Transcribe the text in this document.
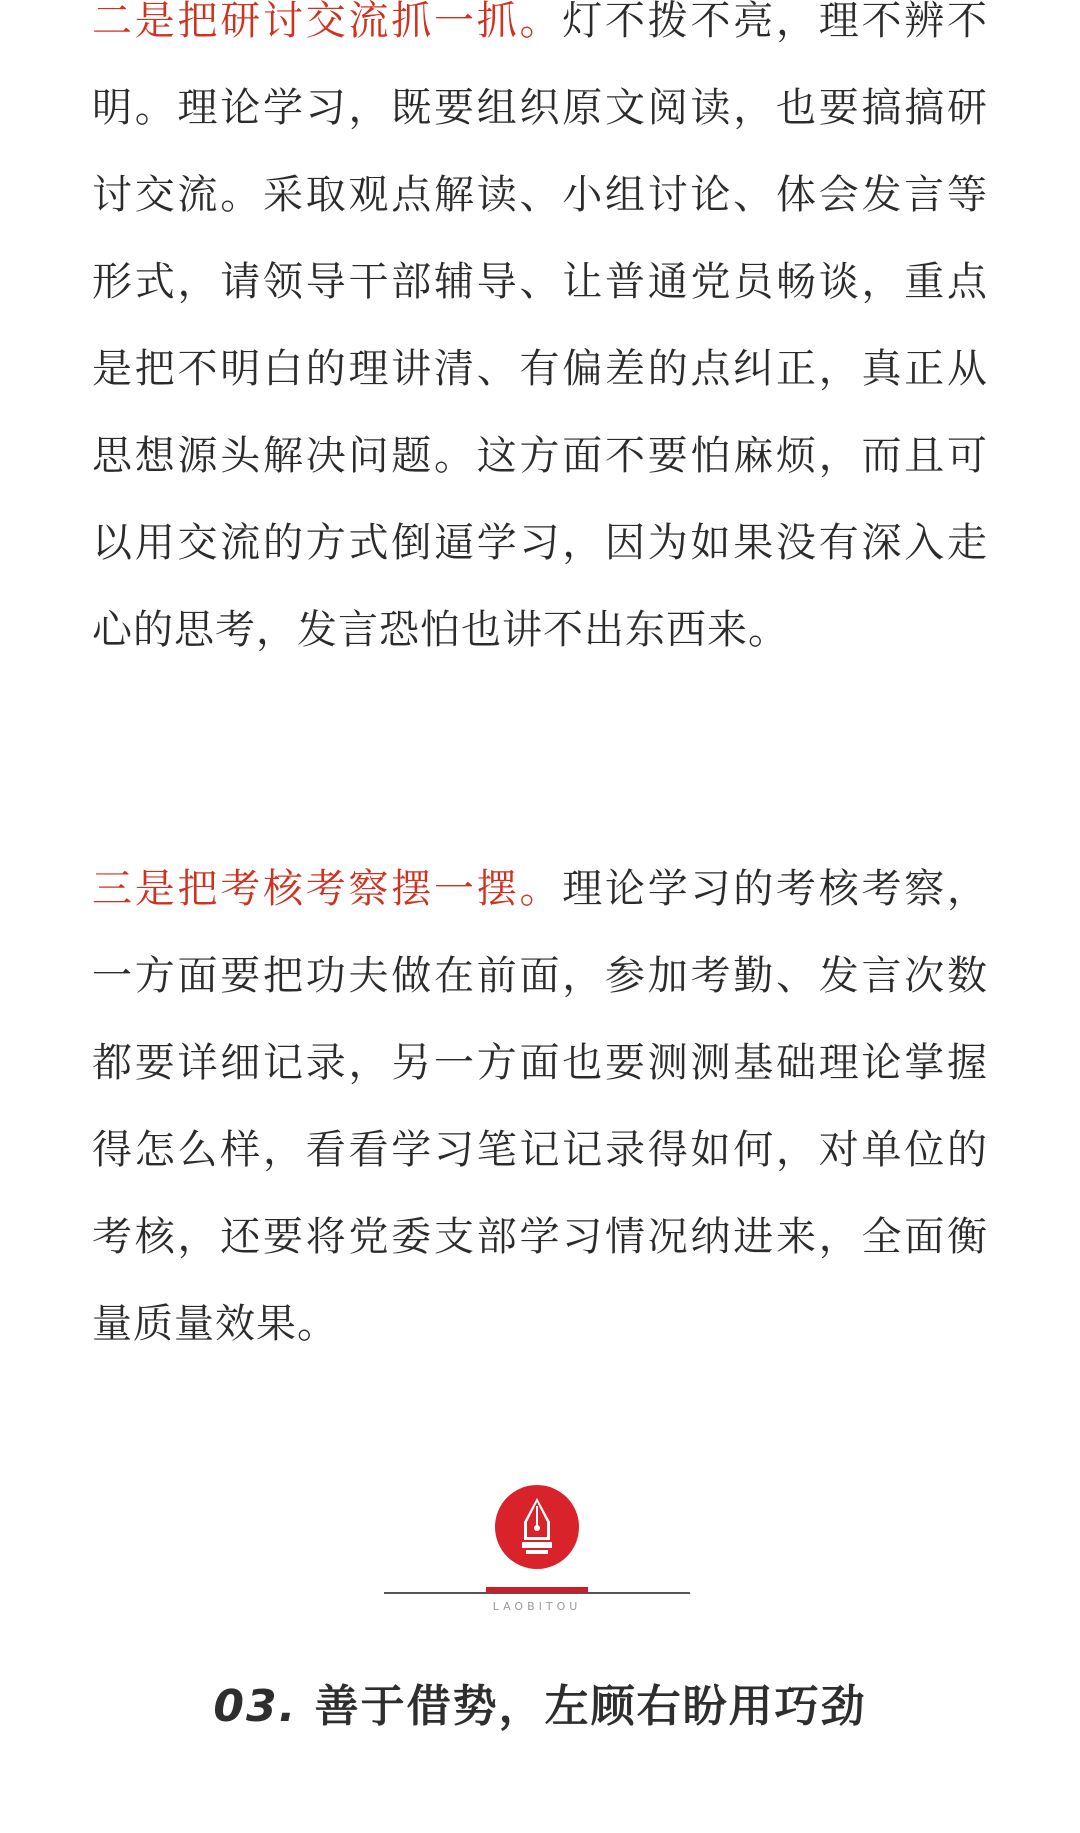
二是把研讨交流抓一抓。灯不拨不亮，理不辨不明。理论学习，既要组织原文阅读，也要搞搞研讨交流。采取观点解读、小组讨论、体会发言等形式，请领导干部辅导、让普通党员畅谈，重点是把不明白的理讲清、有偏差的点纠正，真正从思想源头解决问题。这方面不要怕麻烦，而且可以用交流的方式倒逼学习，因为如果没有深入走心的思考，发言恐怕也讲不出东西来。

三是把考核考察摆一摆。理论学习的考核考察，一方面要把功夫做在前面，参加考勤、发言次数都要详细记录，另一方面也要测测基础理论掌握得怎么样，看看学习笔记记录得如何，对单位的考核，还要将党委支部学习情况纳进来，全面衡量质量效果。

LAOBITOU
03. 善于借势，左顾右盼用巧劲
